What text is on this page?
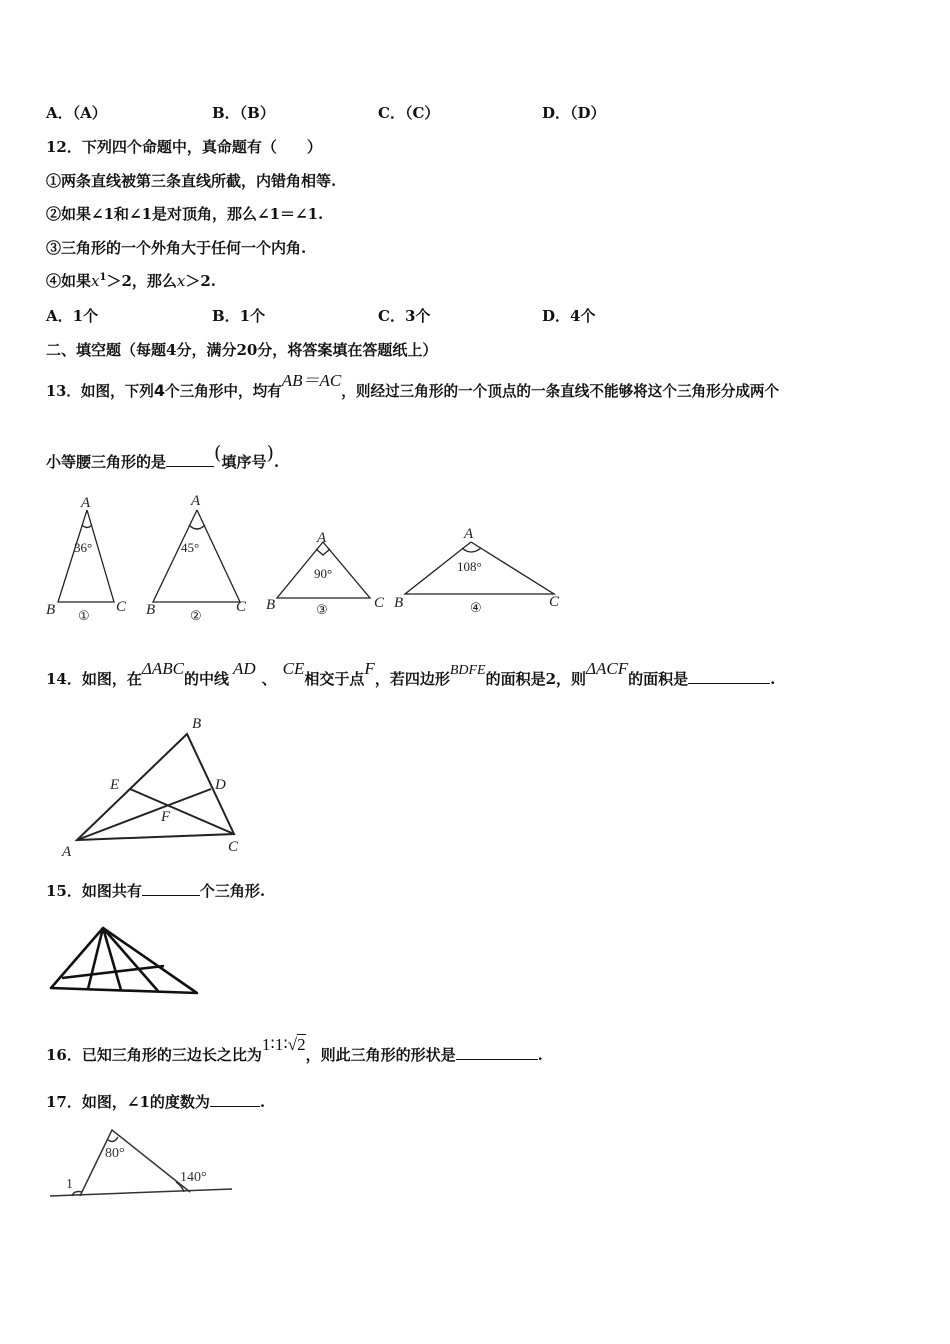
A．（A）	B．（B）	C．（C）	D．（D）
12．下列四个命题中，真命题有（　　）
①两条直线被第三条直线所截，内错角相等.
②如果∠1和∠1是对顶角，那么∠1＝∠1.
③三角形的一个外角大于任何一个内角.
④如果$x^1>2$，那么x＞2.
A．1个	B．1个	C．3个	D．4个
二、填空题（每题4分，满分20分，将答案填在答题纸上）
13．如图，下列4个三角形中，均有AB＝AC，则经过三角形的一个顶点的一条直线不能够将这个三角形分成两个
小等腰三角形的是	(填序号).
A
B	C
A
B	C
A
B	C
A
B	C
36°	45°
90°	108°
①	②	③	④
14．如图，在ΔABC的中线AD、CE相交于点F，若四边形BDFE的面积是2，则ΔACF的面积是	.
A
B
C
D
E
F
15．如图共有	个三角形.
16．已知三角形的三边长之比为1∶1∶√2，则此三角形的形状是	.
17．如图，∠1的度数为	.
1
80°
140°
